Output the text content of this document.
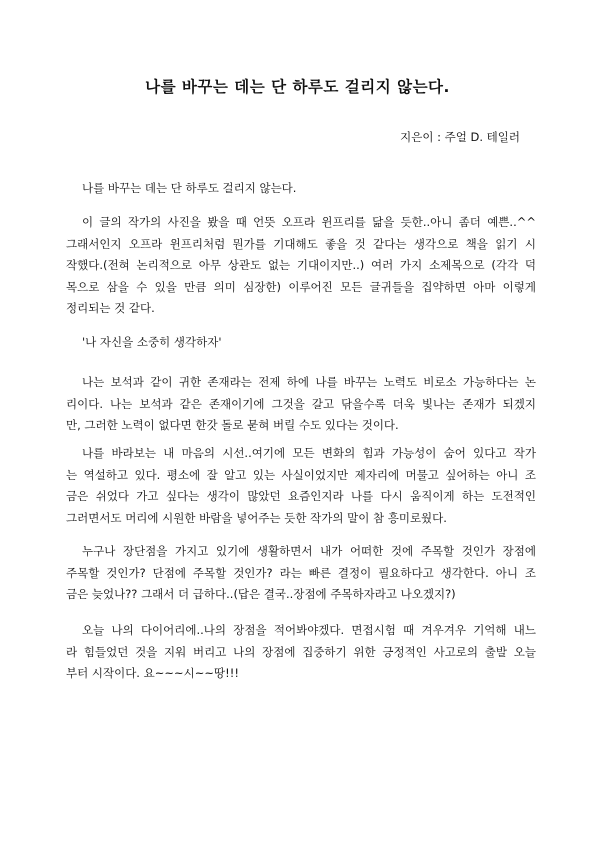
나를 바꾸는 데는 단 하루도 걸리지 않는다.
지은이 : 주얼 D. 테일러
나를 바꾸는 데는 단 하루도 걸리지 않는다.
이 글의 작가의 사진을 봤을 때 언뜻 오프라 윈프리를 닮을 듯한..아니 좀더 예쁜..^^
그래서인지 오프라 윈프리처럼 뭔가를 기대해도 좋을 것 같다는 생각으로 책을 읽기 시
작했다.(전혀 논리적으로 아무 상관도 없는 기대이지만..) 여러 가지 소제목으로 (각각 덕
목으로 삼을 수 있을 만큼 의미 심장한) 이루어진 모든 글귀들을 집약하면 아마 이렇게
정리되는 것 같다.
'나 자신을 소중히 생각하자'
나는 보석과 같이 귀한 존재라는 전제 하에 나를 바꾸는 노력도 비로소 가능하다는 논
리이다. 나는 보석과 같은 존재이기에 그것을 갈고 닦을수록 더욱 빛나는 존재가 되겠지
만, 그러한 노력이 없다면 한갓 돌로 묻혀 버릴 수도 있다는 것이다.
나를 바라보는 내 마음의 시선..여기에 모든 변화의 힘과 가능성이 숨어 있다고 작가
는 역설하고 있다. 평소에 잘 알고 있는 사실이었지만 제자리에 머물고 싶어하는 아니 조
금은 쉬었다 가고 싶다는 생각이 많았던 요즘인지라 나를 다시 움직이게 하는 도전적인
그러면서도 머리에 시원한 바람을 넣어주는 듯한 작가의 말이 참 흥미로웠다.
누구나 장단점을 가지고 있기에 생활하면서 내가 어떠한 것에 주목할 것인가 장점에
주목할 것인가? 단점에 주목할 것인가? 라는 빠른 결정이 필요하다고 생각한다. 아니 조
금은 늦었나?? 그래서 더 급하다..(답은 결국..장점에 주목하자라고 나오겠지?)
오늘 나의 다이어리에..나의 장점을 적어봐야겠다. 면접시험 때 겨우겨우 기억해 내느
라 힘들었던 것을 지워 버리고 나의 장점에 집중하기 위한 긍정적인 사고로의 출발 오늘
부터 시작이다. 요~~~시~~땅!!!
